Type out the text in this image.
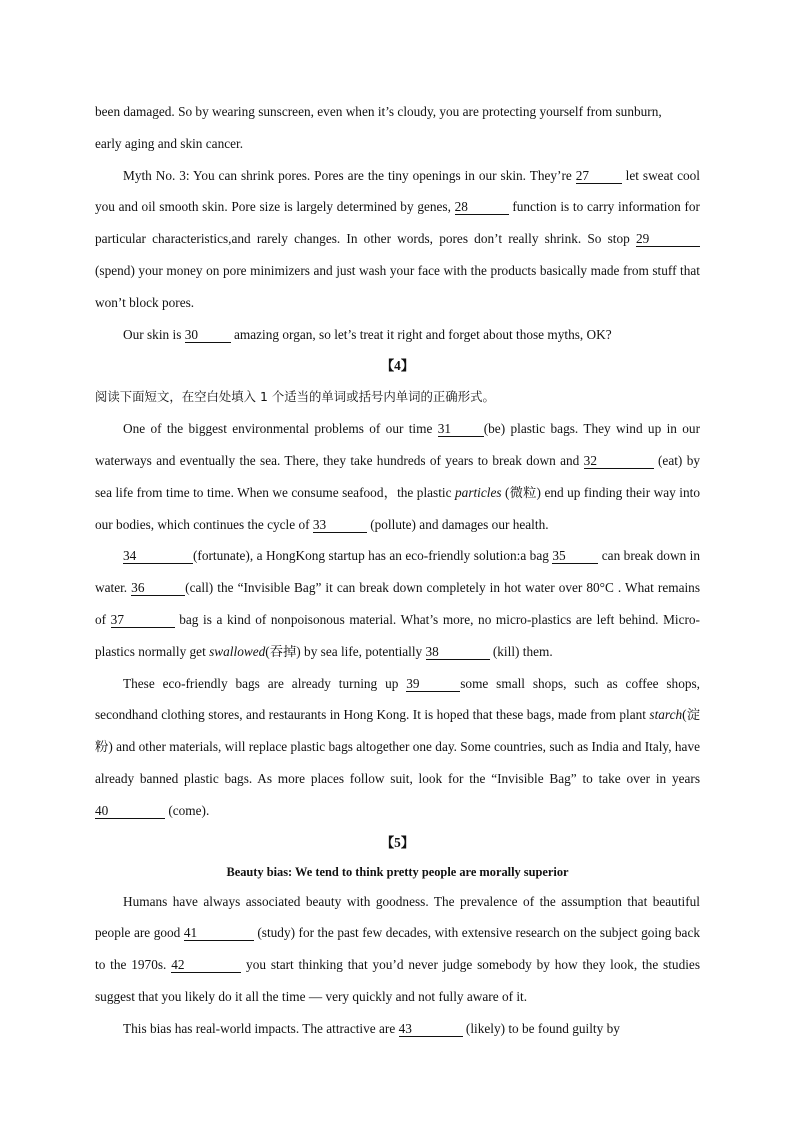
been damaged. So by wearing sunscreen, even when it’s cloudy, you are protecting yourself from sunburn,
early aging and skin cancer.

Myth No. 3: You can shrink pores. Pores are the tiny openings in our skin. They’re 27 let sweat cool you and oil smooth skin. Pore size is largely determined by genes, 28	function is to carry information for particular characteristics,and rarely changes. In other words, pores don’t really shrink. So stop 29 (spend) your money on pore minimizers and just wash your face with the products basically made from stuff that won’t block pores.

Our skin is 30 amazing organ, so let’s treat it right and forget about those myths, OK?

【4】

阅读下面短文，在空白处填入 1 个适当的单词或括号内单词的正确形式。

One of the biggest environmental problems of our time 31 (be) plastic bags. They wind up in our waterways and eventually the sea. There, they take hundreds of years to break down and 32	(eat) by sea life from time to time. When we consume seafood，the plastic particles (微粒) end up finding their way into our bodies, which continues the cycle of 33	(pollute) and damages our health.

34	(fortunate), a HongKong startup has an eco-friendly solution:a bag 35 can break down in water. 36	(call) the “Invisible Bag” it can break down completely in hot water over 80°C . What remains of 37	bag is a kind of nonpoisonous material. What’s more, no micro-plastics are left behind. Micro-plastics normally get swallowed(吞掉) by sea life, potentially 38	(kill) them.

These eco-friendly bags are already turning up 39	some small shops, such as coffee shops, secondhand clothing stores, and restaurants in Hong Kong. It is hoped that these bags, made from plant starch(淀粉) and other materials, will replace plastic bags altogether one day. Some countries, such as India and Italy, have already banned plastic bags. As more places follow suit, look for the “Invisible Bag” to take over in years 40	(come).

【5】
Beauty bias: We tend to think pretty people are morally superior

Humans have always associated beauty with goodness. The prevalence of the assumption that beautiful people are good 41	(study) for the past few decades, with extensive research on the subject going back to the 1970s. 42	you start thinking that you’d never judge somebody by how they look, the studies suggest that you likely do it all the time — very quickly and not fully aware of it.

This bias has real-world impacts. The attractive are 43	(likely) to be found guilty by
